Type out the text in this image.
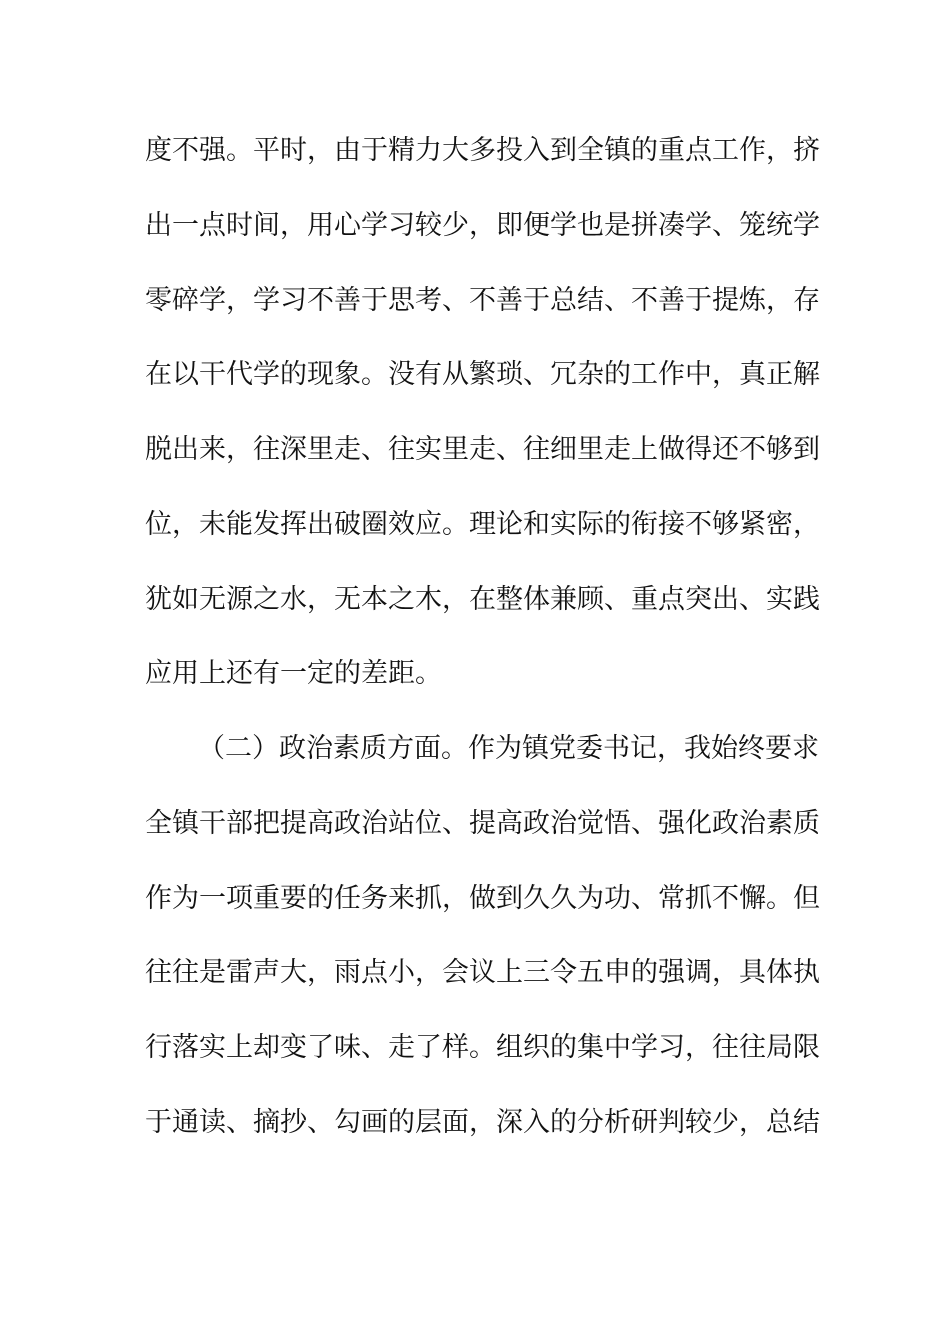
度不强。平时，由于精力大多投入到全镇的重点工作，挤
出一点时间，用心学习较少，即便学也是拼凑学、笼统学
零碎学，学习不善于思考、不善于总结、不善于提炼，存
在以干代学的现象。没有从繁琐、冗杂的工作中，真正解
脱出来，往深里走、往实里走、往细里走上做得还不够到
位，未能发挥出破圈效应。理论和实际的衔接不够紧密，
犹如无源之水，无本之木，在整体兼顾、重点突出、实践
应用上还有一定的差距。
（二）政治素质方面。作为镇党委书记，我始终要求
全镇干部把提高政治站位、提高政治觉悟、强化政治素质
作为一项重要的任务来抓，做到久久为功、常抓不懈。但
往往是雷声大，雨点小，会议上三令五申的强调，具体执
行落实上却变了味、走了样。组织的集中学习，往往局限
于通读、摘抄、勾画的层面，深入的分析研判较少，总结
